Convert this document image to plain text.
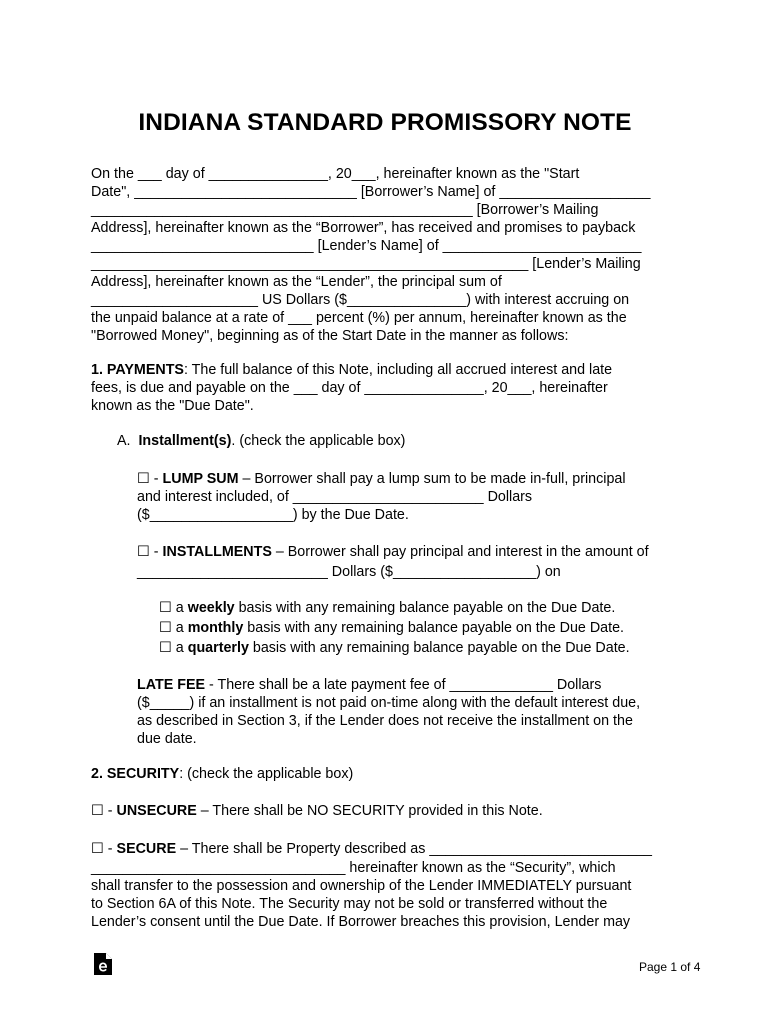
INDIANA STANDARD PROMISSORY NOTE
On the ___ day of _______________, 20___, hereinafter known as the "Start
Date", ____________________________ [Borrower’s Name] of ___________________
________________________________________________ [Borrower’s Mailing
Address], hereinafter known as the “Borrower”, has received and promises to payback
____________________________ [Lender’s Name] of _________________________
_______________________________________________________ [Lender’s Mailing
Address], hereinafter known as the “Lender”, the principal sum of
_____________________ US Dollars ($_______________) with interest accruing on
the unpaid balance at a rate of ___ percent (%) per annum, hereinafter known as the
"Borrowed Money", beginning as of the Start Date in the manner as follows:
1. PAYMENTS: The full balance of this Note, including all accrued interest and late
fees, is due and payable on the ___ day of _______________, 20___, hereinafter
known as the "Due Date".
A.  Installment(s). (check the applicable box)
☐ - LUMP SUM – Borrower shall pay a lump sum to be made in-full, principal
and interest included, of ________________________ Dollars
($__________________) by the Due Date.
☐ - INSTALLMENTS – Borrower shall pay principal and interest in the amount of
________________________ Dollars ($__________________) on
☐ a weekly basis with any remaining balance payable on the Due Date.
☐ a monthly basis with any remaining balance payable on the Due Date.
☐ a quarterly basis with any remaining balance payable on the Due Date.
LATE FEE - There shall be a late payment fee of _____________ Dollars
($_____) if an installment is not paid on-time along with the default interest due,
as described in Section 3, if the Lender does not receive the installment on the
due date.
2. SECURITY: (check the applicable box)
☐ - UNSECURE – There shall be NO SECURITY provided in this Note.
☐ - SECURE – There shall be Property described as ____________________________
________________________________ hereinafter known as the “Security”, which
shall transfer to the possession and ownership of the Lender IMMEDIATELY pursuant
to Section 6A of this Note. The Security may not be sold or transferred without the
Lender’s consent until the Due Date. If Borrower breaches this provision, Lender may
Page 1 of 4
